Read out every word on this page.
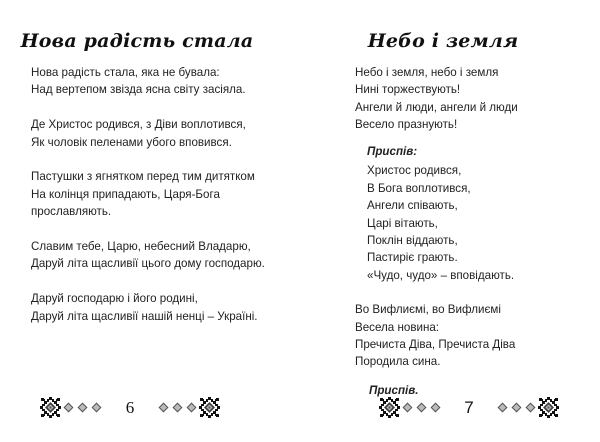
Нова радість стала
Нова радість стала, яка не бувала:
Над вертепом звізда ясна світу засіяла.
Де Христос родився, з Діви воплотився,
Як чоловік пеленами убого вповився.
Пастушки з ягнятком перед тим дитятком
На колінця припадають, Царя-Бога
прославляють.
Славим тебе, Царю, небесний Владарю,
Даруй літа щасливії цього дому господарю.
Даруй господарю і його родині,
Даруй літа щасливії нашій ненці – Україні.
6
Небо і земля
Небо і земля, небо і земля
Нині торжествують!
Ангели й люди, ангели й люди
Весело празнують!
Приспів:
Христос родився,
В Бога воплотився,
Ангели співають,
Царі вітають,
Поклін віддають,
Пастиріє грають.
«Чудо, чудо» – вповідають.
Во Вифлиємі, во Вифлиємі
Весела новина:
Пречиста Діва, Пречиста Діва
Породила сина.
Приспів.
7
